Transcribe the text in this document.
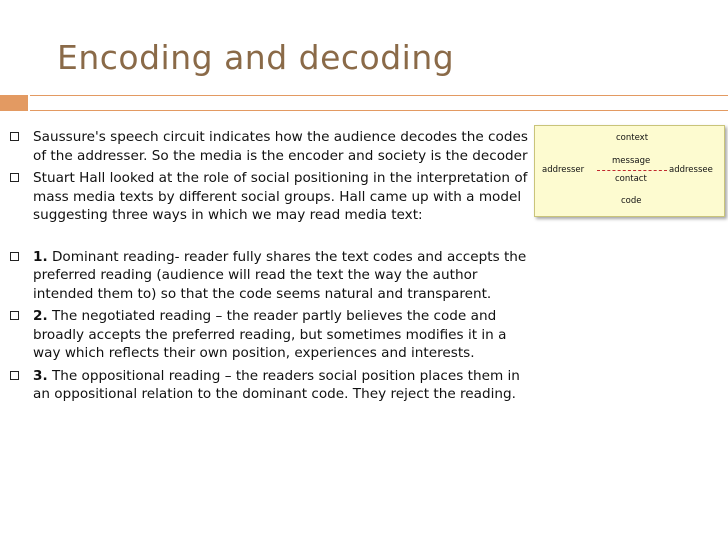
Encoding and decoding
Saussure's speech circuit indicates how the audience decodes the codes of the addresser. So the media is the encoder and society is the decoder
Stuart Hall looked at the role of social positioning in the interpretation of mass media texts by different social groups. Hall came up with a model suggesting three ways in which we may read media text:
1. Dominant reading- reader fully shares the text codes and accepts the preferred reading (audience will read the text the way the author intended them to) so that the code seems natural and transparent.
2. The negotiated reading – the reader partly believes the code and broadly accepts the preferred reading, but sometimes modifies it in a way which reflects their own position, experiences and interests.
3. The oppositional reading – the readers social position places them in an oppositional relation to the dominant code. They reject the reading.
context
message
addresser	addressee
contact
code
